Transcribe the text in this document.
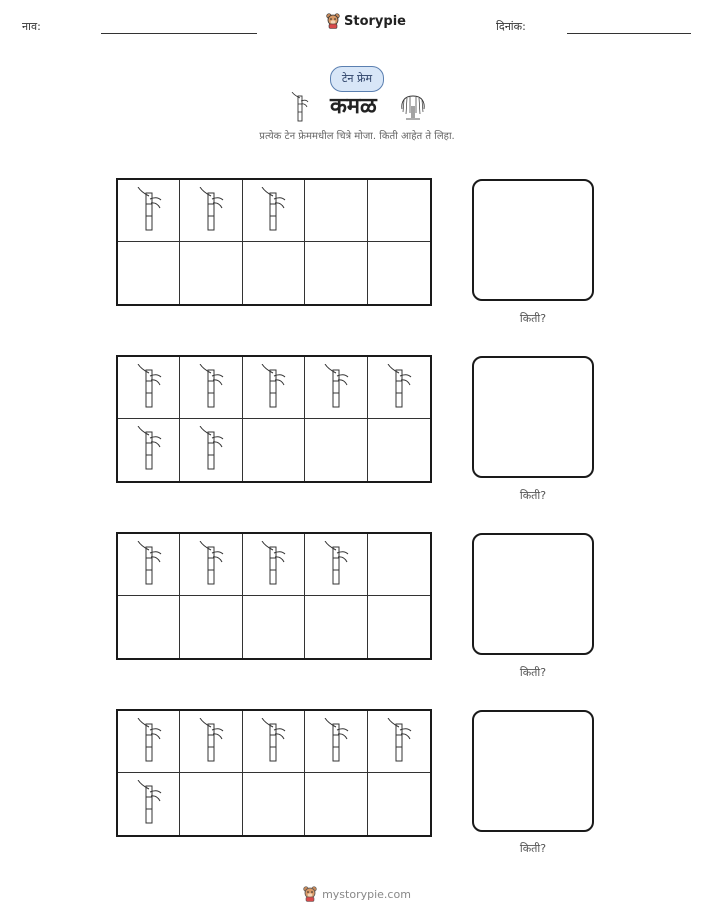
नाव:	Storypie	दिनांक:
टेन फ्रेम
कमळ
प्रत्येक टेन फ्रेममधील चित्रे मोजा. किती आहेत ते लिहा.
किती?
किती?
किती?
किती?
mystorypie.com
